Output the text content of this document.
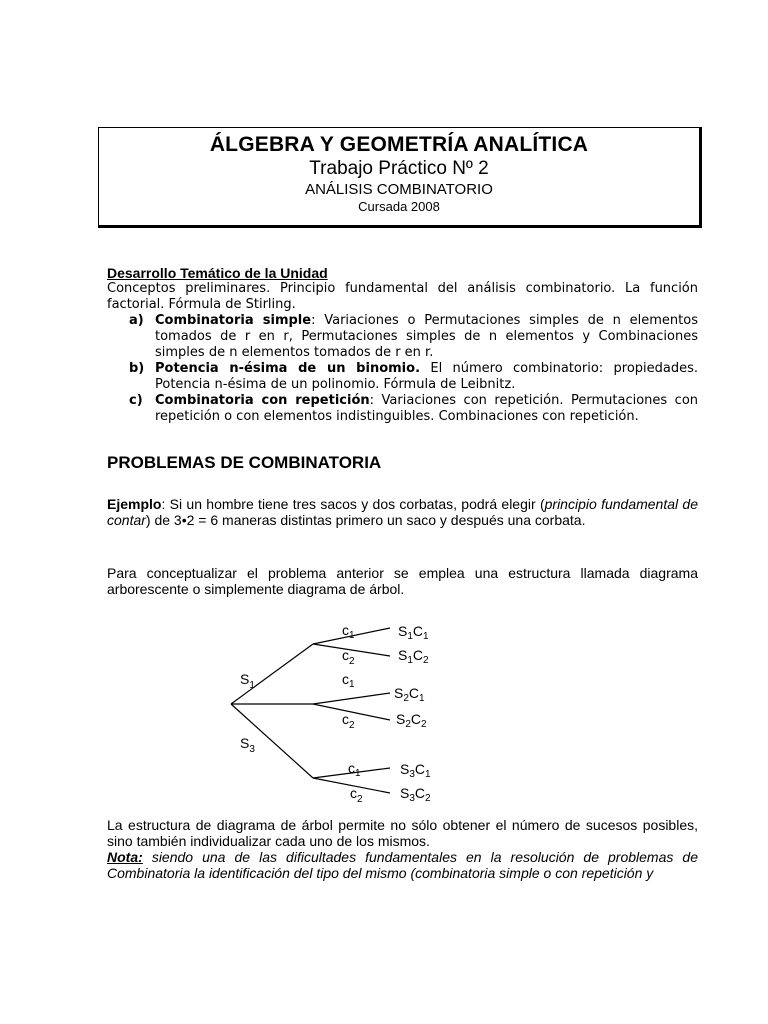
ÁLGEBRA Y GEOMETRÍA ANALÍTICA
Trabajo Práctico Nº 2
ANÁLISIS COMBINATORIO
Cursada 2008
Desarrollo Temático de la Unidad
Conceptos preliminares. Principio fundamental del análisis combinatorio. La función factorial. Fórmula de Stirling.
a) Combinatoria simple: Variaciones o Permutaciones simples de n elementos tomados de r en r, Permutaciones simples de n elementos y Combinaciones simples de n elementos tomados de r en r.
b) Potencia n-ésima de un binomio. El número combinatorio: propiedades. Potencia n-ésima de un polinomio. Fórmula de Leibnitz.
c) Combinatoria con repetición: Variaciones con repetición. Permutaciones con repetición o con elementos indistinguibles. Combinaciones con repetición.
PROBLEMAS DE COMBINATORIA
Ejemplo: Si un hombre tiene tres sacos y dos corbatas, podrá elegir (principio fundamental de contar) de 3•2 = 6 maneras distintas primero un saco y después una corbata.
Para conceptualizar el problema anterior se emplea una estructura llamada diagrama arborescente o simplemente diagrama de árbol.
$S_1$
$S_3$
$c_1$
$c_2$
$c_1$
$c_2$
$c_1$
$c_2$
$S_1C_1$
$S_1C_2$
$S_2C_1$
$S_2C_2$
$S_3C_1$
$S_3C_2$
La estructura de diagrama de árbol permite no sólo obtener el número de sucesos posibles, sino también individualizar cada uno de los mismos.
Nota: siendo una de las dificultades fundamentales en la resolución de problemas de Combinatoria la identificación del tipo del mismo (combinatoria simple o con repetición y
